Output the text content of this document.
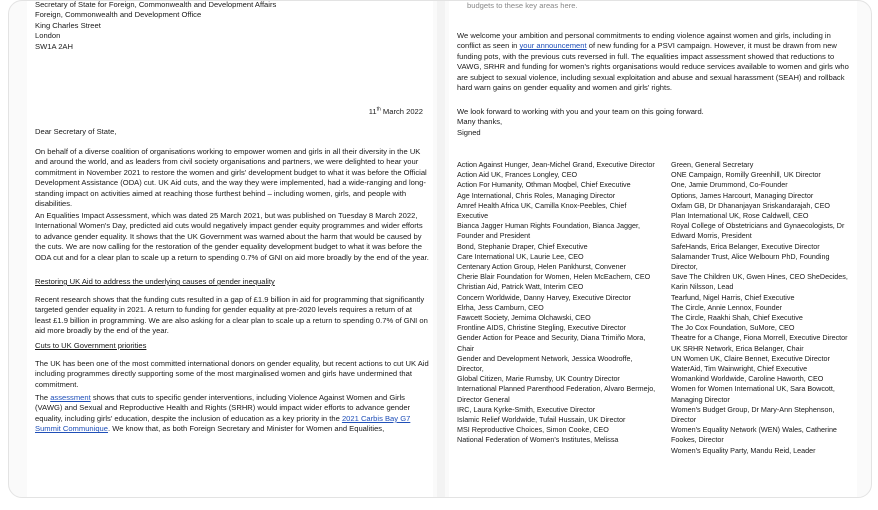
Secretary of State for Foreign, Commonwealth and Development Affairs
Foreign, Commonwealth and Development Office
King Charles Street
London
SW1A 2AH
11th March 2022

Dear Secretary of State,

On behalf of a diverse coalition of organisations working to empower women and girls in all their diversity in the UK and around the world, and as leaders from civil society organisations and partners, we were delighted to hear your commitment in November 2021 to restore the women and girls' development budget to what it was before the Official Development Assistance (ODA) cut. UK Aid cuts, and the way they were implemented, had a wide-ranging and long-standing impact on activities aimed at reaching those furthest behind – including women, girls, and people with disabilities.

An Equalities Impact Assessment, which was dated 25 March 2021, but was published on Tuesday 8 March 2022, International Women's Day, predicted aid cuts would negatively impact gender equity programmes and wider efforts to advance gender equality. It shows that the UK Government was warned about the harm that would be caused by the cuts. We are now calling for the restoration of the gender equality development budget to what it was before the ODA cut and for a clear plan to scale up a return to spending 0.7% of GNI on aid more broadly by the end of the year.

Restoring UK Aid to address the underlying causes of gender inequality

Recent research shows that the funding cuts resulted in a gap of £1.9 billion in aid for programming that significantly targeted gender equality in 2021. A return to funding for gender equality at pre-2020 levels requires a return of at least £1.9 billion in programming. We are also asking for a clear plan to scale up a return to spending 0.7% of GNI on aid more broadly by the end of the year.

Cuts to UK Government priorities

The UK has been one of the most committed international donors on gender equality, but recent actions to cut UK Aid including programmes directly supporting some of the most marginalised women and girls have undermined that commitment.

The assessment shows that cuts to specific gender interventions, including Violence Against Women and Girls (VAWG) and Sexual and Reproductive Health and Rights (SRHR) would impact wider efforts to advance gender equality, including girls' education, despite the inclusion of education as a key priority in the 2021 Carbis Bay G7 Summit Communique. We know that, as both Foreign Secretary and Minister for Women and Equalities,

budgets to these key areas here.

We welcome your ambition and personal commitments to ending violence against women and girls, including in conflict as seen in your announcement of new funding for a PSVI campaign. However, it must be drawn from new funding pots, with the previous cuts reversed in full. The equalities impact assessment showed that reductions to VAWG, SRHR and funding for women's rights organisations would reduce services available to women and girls who are subject to sexual violence, including sexual exploitation and abuse and sexual harassment (SEAH) and rollback hard warn gains on gender equality and women and girls' rights.

We look forward to working with you and your team on this going forward.
Many thanks,
Signed
Action Against Hunger, Jean-Michel Grand, Executive Director
Action Aid UK, Frances Longley, CEO
Action For Humanity, Othman Moqbel, Chief Executive
Age International, Chris Roles, Managing Director
Amref Health Africa UK, Camilla Knox-Peebles, Chief Executive
Bianca Jagger Human Rights Foundation, Bianca Jagger, Founder and President
Bond, Stephanie Draper, Chief Executive
Care International UK, Laurie Lee, CEO
Centenary Action Group, Helen Pankhurst, Convener
Cherie Blair Foundation for Women, Helen McEachern, CEO
Christian Aid, Patrick Watt, Interim CEO
Concern Worldwide, Danny Harvey, Executive Director
Elrha, Jess Camburn, CEO
Fawcett Society, Jemima Olchawski, CEO
Frontline AIDS, Christine Stegling, Executive Director
Gender Action for Peace and Security, Diana Trimiño Mora, Chair
Gender and Development Network, Jessica Woodroffe, Director,
Global Citizen, Marie Rumsby, UK Country Director
International Planned Parenthood Federation, Alvaro Bermejo, Director General
IRC, Laura Kyrke-Smith, Executive Director
Islamic Relief Worldwide, Tufail Hussain, UK Director
MSI Reproductive Choices, Simon Cooke, CEO
National Federation of Women's Institutes, Melissa
Green, General Secretary
ONE Campaign, Romilly Greenhill, UK Director
One, Jamie Drummond, Co-Founder
Options, James Harcourt, Managing Director
Oxfam GB, Dr Dhananjayan Sriskandarajah, CEO
Plan International UK, Rose Caldwell, CEO
Royal College of Obstetricians and Gynaecologists, Dr Edward Morris, President
SafeHands, Erica Belanger, Executive Director
Salamander Trust, Alice Welbourn PhD, Founding Director,
Save The Children UK, Gwen Hines, CEO SheDecides, Karin Nilsson, Lead
Tearfund, Nigel Harris, Chief Executive
The Circle, Annie Lennox, Founder
The Circle, Raakhi Shah, Chief Executive
The Jo Cox Foundation, SuMore, CEO
Theatre for a Change, Fiona Morrell, Executive Director
UK SRHR Network, Erica Belanger, Chair
UN Women UK, Claire Bennet, Executive Director
WaterAid, Tim Wainwright, Chief Executive
Womankind Worldwide, Caroline Haworth, CEO
Women for Women International UK, Sara Bowcott, Managing Director
Women's Budget Group, Dr Mary-Ann Stephenson, Director
Women's Equality Network (WEN) Wales, Catherine Fookes, Director
Women's Equality Party, Mandu Reid, Leader
